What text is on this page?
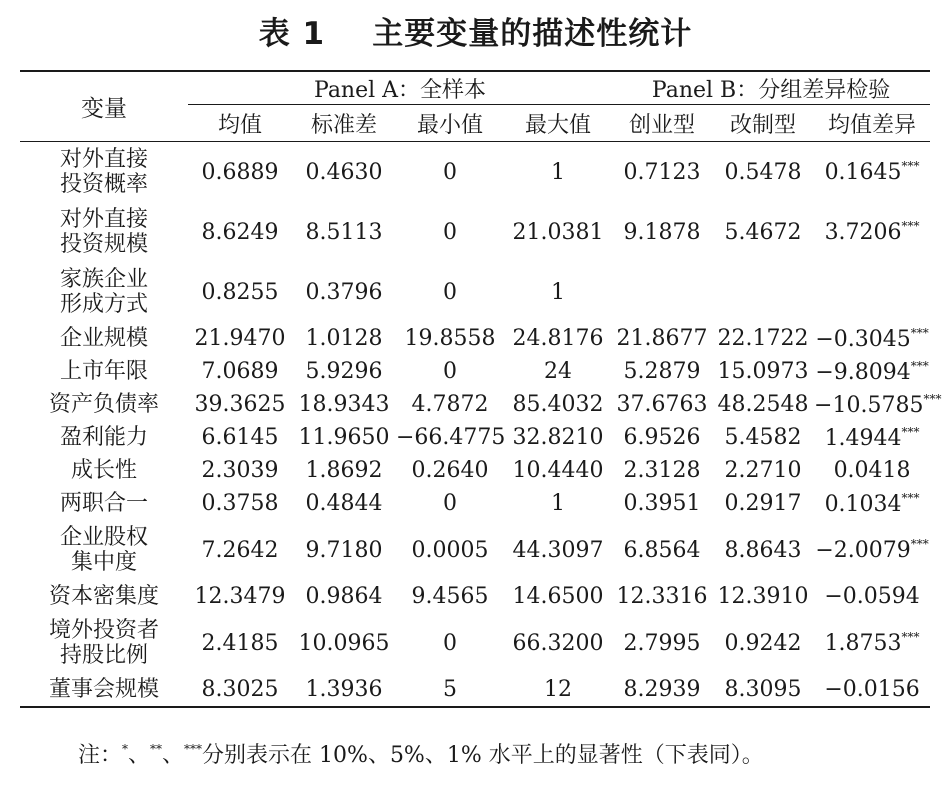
表 1    主要变量的描述性统计
变量	Panel A：全样本				Panel B：分组差异检验		
	均值	标准差	最小值	最大值	创业型	改制型	均值差异
对外直接
投资概率	0.6889	0.4630	0	1	0.7123	0.5478	0.1645***
对外直接
投资规模	8.6249	8.5113	0	21.0381	9.1878	5.4672	3.7206***
家族企业
形成方式	0.8255	0.3796	0	1			
企业规模	21.9470	1.0128	19.8558	24.8176	21.8677	22.1722	−0.3045***
上市年限	7.0689	5.9296	0	24	5.2879	15.0973	−9.8094***
资产负债率	39.3625	18.9343	4.7872	85.4032	37.6763	48.2548	−10.5785***
盈利能力	6.6145	11.9650	−66.4775	32.8210	6.9526	5.4582	1.4944***
成长性	2.3039	1.8692	0.2640	10.4440	2.3128	2.2710	0.0418
两职合一	0.3758	0.4844	0	1	0.3951	0.2917	0.1034***
企业股权
集中度	7.2642	9.7180	0.0005	44.3097	6.8564	8.8643	−2.0079***
资本密集度	12.3479	0.9864	9.4565	14.6500	12.3316	12.3910	−0.0594
境外投资者
持股比例	2.4185	10.0965	0	66.3200	2.7995	0.9242	1.8753***
董事会规模	8.3025	1.3936	5	12	8.2939	8.3095	−0.0156
注：*、**、***分别表示在 10%、5%、1% 水平上的显著性（下表同）。
